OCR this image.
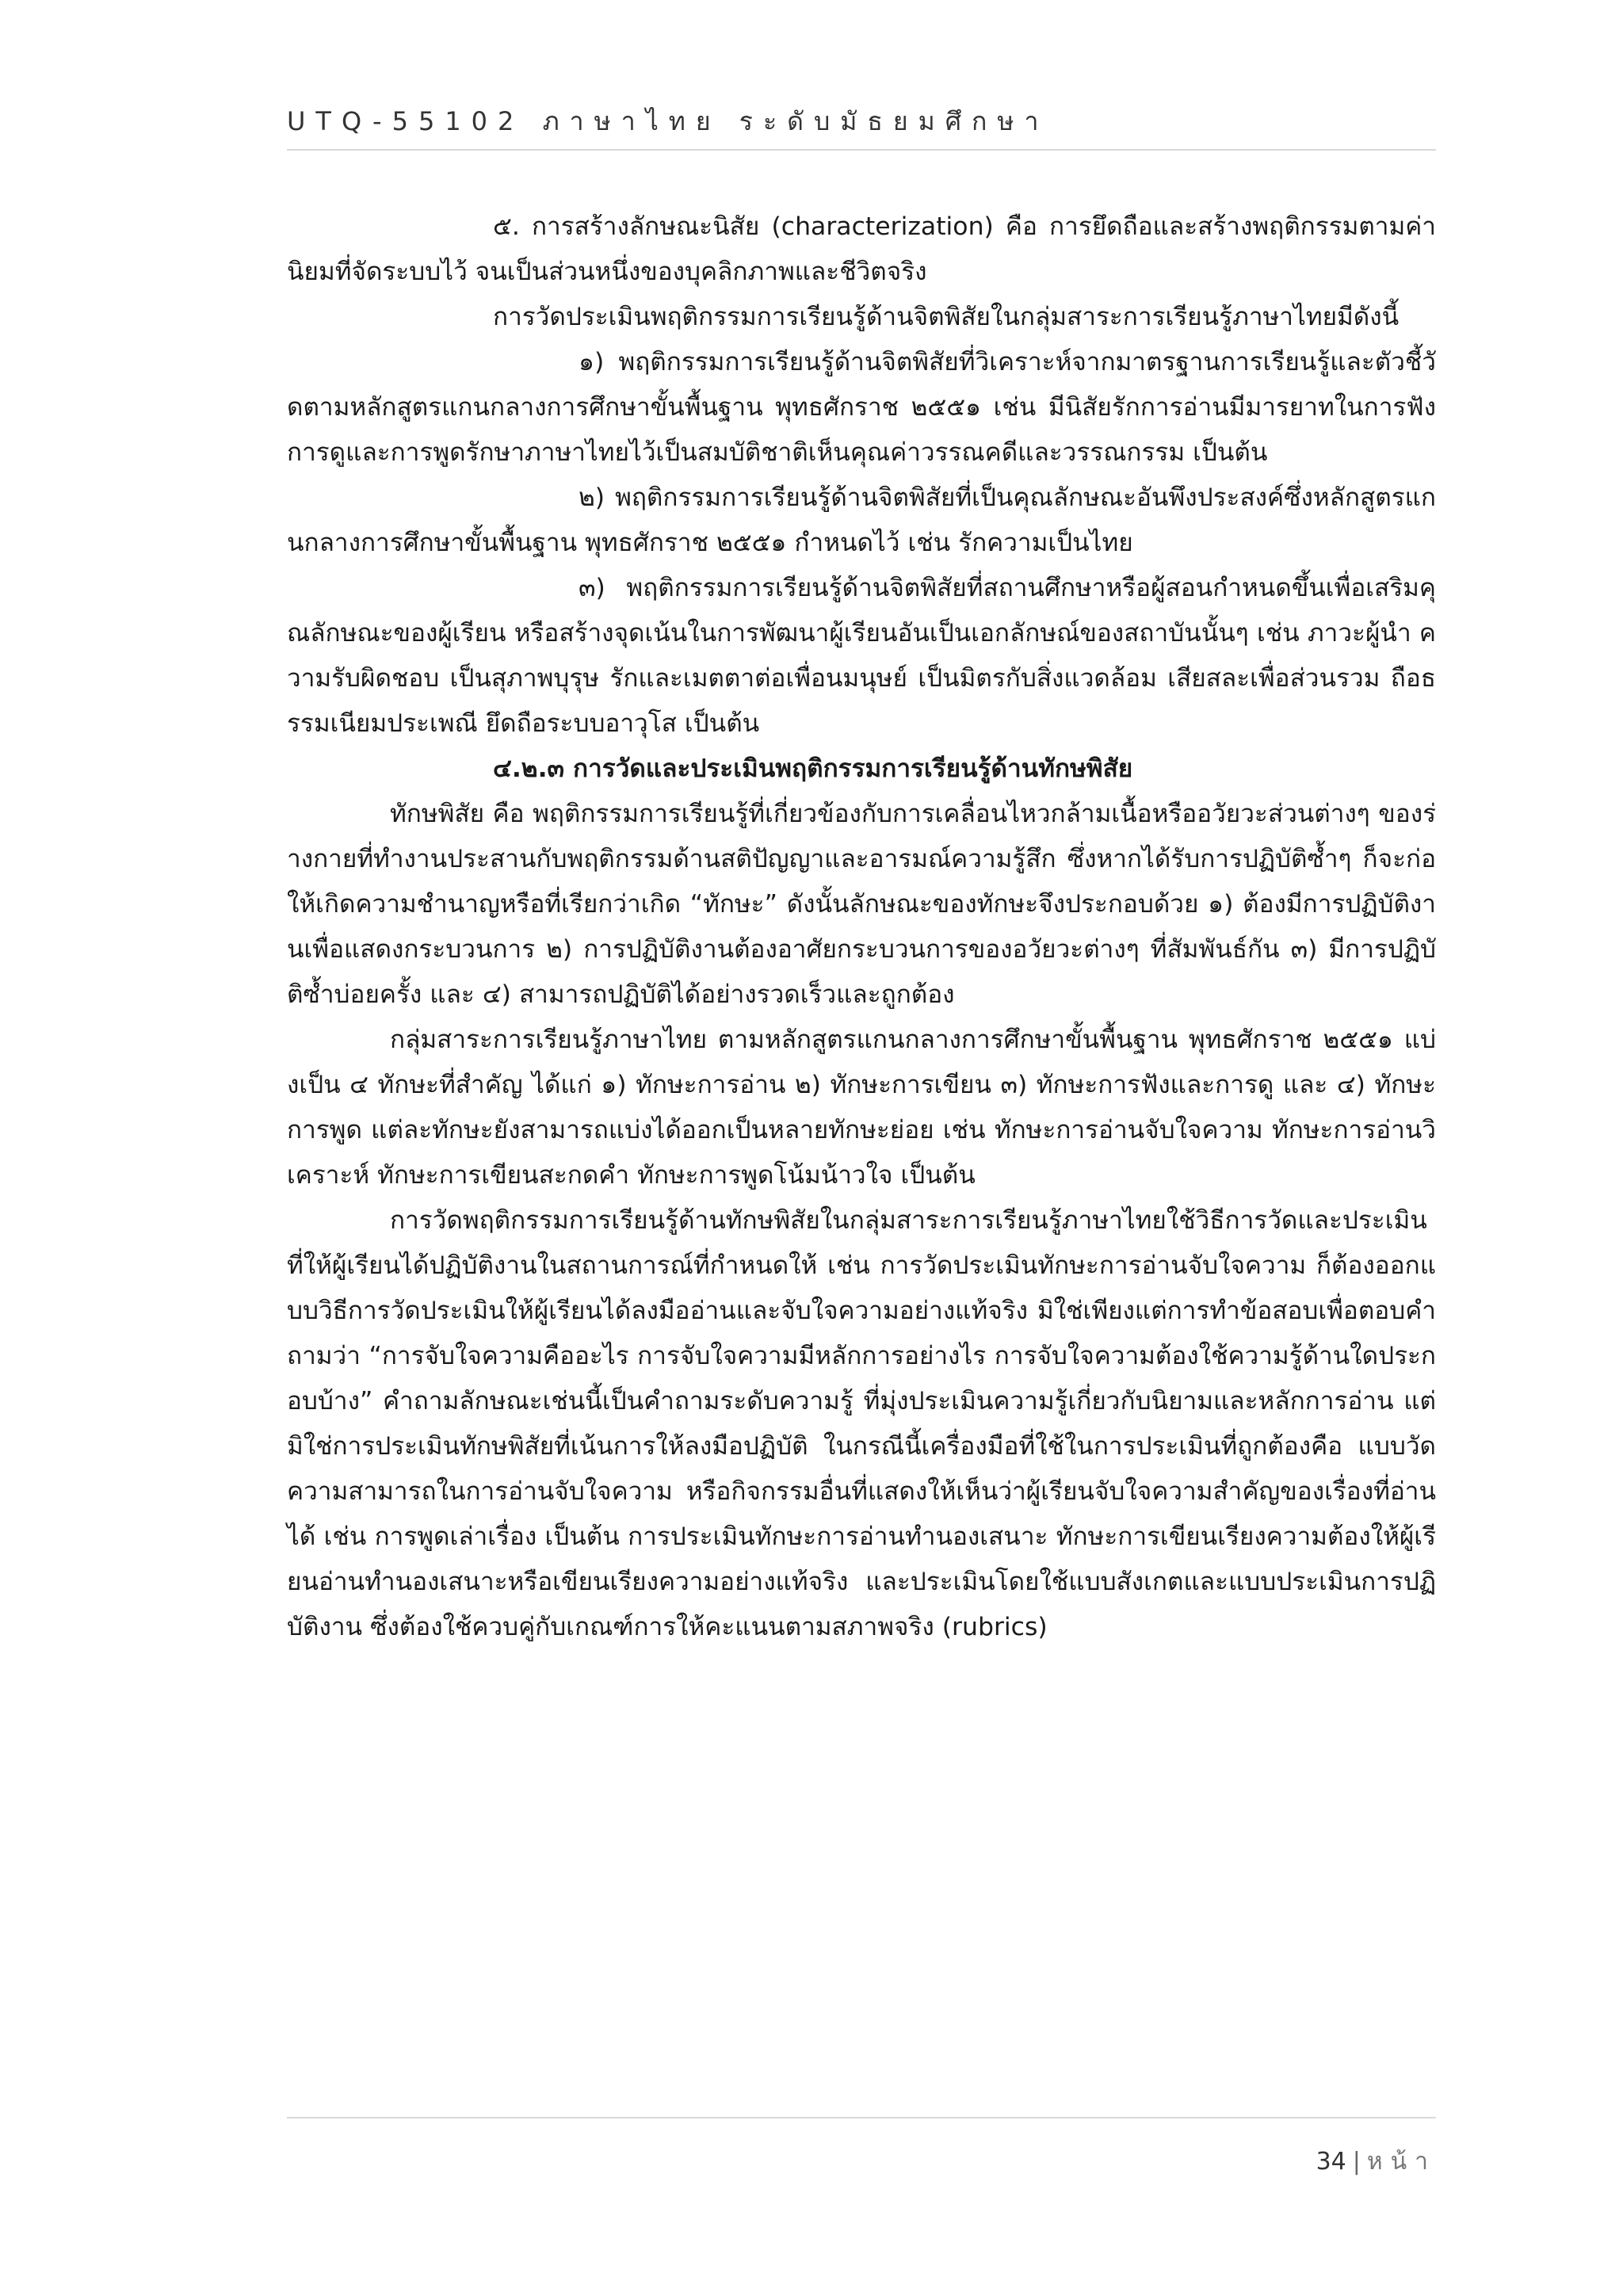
UTQ-55102 ภาษาไทย ระดับมัธยมศึกษา

๕. การสร้างลักษณะนิสัย (characterization) คือ การยึดถือและสร้างพฤติกรรมตามค่านิยมที่จัดระบบไว้ จนเป็นส่วนหนึ่งของบุคลิกภาพและชีวิตจริง

การวัดประเมินพฤติกรรมการเรียนรู้ด้านจิตพิสัยในกลุ่มสาระการเรียนรู้ภาษาไทยมีดังนี้

๑) พฤติกรรมการเรียนรู้ด้านจิตพิสัยที่วิเคราะห์จากมาตรฐานการเรียนรู้และตัวชี้วัดตามหลักสูตรแกนกลางการศึกษาขั้นพื้นฐาน พุทธศักราช ๒๕๕๑ เช่น มีนิสัยรักการอ่านมีมารยาทในการฟัง การดูและการพูดรักษาภาษาไทยไว้เป็นสมบัติชาติเห็นคุณค่าวรรณคดีและวรรณกรรม เป็นต้น

๒) พฤติกรรมการเรียนรู้ด้านจิตพิสัยที่เป็นคุณลักษณะอันพึงประสงค์ซึ่งหลักสูตรแกนกลางการศึกษาขั้นพื้นฐาน พุทธศักราช ๒๕๕๑ กำหนดไว้ เช่น รักความเป็นไทย

๓) พฤติกรรมการเรียนรู้ด้านจิตพิสัยที่สถานศึกษาหรือผู้สอนกำหนดขึ้นเพื่อเสริมคุณลักษณะของผู้เรียน หรือสร้างจุดเน้นในการพัฒนาผู้เรียนอันเป็นเอกลักษณ์ของสถาบันนั้นๆ เช่น ภาวะผู้นำ ความรับผิดชอบ เป็นสุภาพบุรุษ รักและเมตตาต่อเพื่อนมนุษย์ เป็นมิตรกับสิ่งแวดล้อม เสียสละเพื่อส่วนรวม ถือธรรมเนียมประเพณี ยึดถือระบบอาวุโส เป็นต้น

๔.๒.๓ การวัดและประเมินพฤติกรรมการเรียนรู้ด้านทักษพิสัย

ทักษพิสัย คือ พฤติกรรมการเรียนรู้ที่เกี่ยวข้องกับการเคลื่อนไหวกล้ามเนื้อหรืออวัยวะส่วนต่างๆ ของร่างกายที่ทำงานประสานกับพฤติกรรมด้านสติปัญญาและอารมณ์ความรู้สึก ซึ่งหากได้รับการปฏิบัติซ้ำๆ ก็จะก่อให้เกิดความชำนาญหรือที่เรียกว่าเกิด “ทักษะ” ดังนั้นลักษณะของทักษะจึงประกอบด้วย ๑) ต้องมีการปฏิบัติงานเพื่อแสดงกระบวนการ ๒) การปฏิบัติงานต้องอาศัยกระบวนการของอวัยวะต่างๆ ที่สัมพันธ์กัน ๓) มีการปฏิบัติซ้ำบ่อยครั้ง และ ๔) สามารถปฏิบัติได้อย่างรวดเร็วและถูกต้อง

กลุ่มสาระการเรียนรู้ภาษาไทย ตามหลักสูตรแกนกลางการศึกษาขั้นพื้นฐาน พุทธศักราช ๒๕๕๑ แบ่งเป็น ๔ ทักษะที่สำคัญ ได้แก่ ๑) ทักษะการอ่าน ๒) ทักษะการเขียน ๓) ทักษะการฟังและการดู และ ๔) ทักษะการพูด แต่ละทักษะยังสามารถแบ่งได้ออกเป็นหลายทักษะย่อย เช่น ทักษะการอ่านจับใจความ ทักษะการอ่านวิเคราะห์ ทักษะการเขียนสะกดคำ ทักษะการพูดโน้มน้าวใจ เป็นต้น

การวัดพฤติกรรมการเรียนรู้ด้านทักษพิสัยในกลุ่มสาระการเรียนรู้ภาษาไทยใช้วิธีการวัดและประเมินที่ให้ผู้เรียนได้ปฏิบัติงานในสถานการณ์ที่กำหนดให้ เช่น การวัดประเมินทักษะการอ่านจับใจความ ก็ต้องออกแบบวิธีการวัดประเมินให้ผู้เรียนได้ลงมืออ่านและจับใจความอย่างแท้จริง มิใช่เพียงแต่การทำข้อสอบเพื่อตอบคำถามว่า “การจับใจความคืออะไร การจับใจความมีหลักการอย่างไร การจับใจความต้องใช้ความรู้ด้านใดประกอบบ้าง” คำถามลักษณะเช่นนี้เป็นคำถามระดับความรู้ ที่มุ่งประเมินความรู้เกี่ยวกับนิยามและหลักการอ่าน แต่มิใช่การประเมินทักษพิสัยที่เน้นการให้ลงมือปฏิบัติ ในกรณีนี้เครื่องมือที่ใช้ในการประเมินที่ถูกต้องคือ แบบวัดความสามารถในการอ่านจับใจความ หรือกิจกรรมอื่นที่แสดงให้เห็นว่าผู้เรียนจับใจความสำคัญของเรื่องที่อ่านได้ เช่น การพูดเล่าเรื่อง เป็นต้น การประเมินทักษะการอ่านทำนองเสนาะ ทักษะการเขียนเรียงความต้องให้ผู้เรียนอ่านทำนองเสนาะหรือเขียนเรียงความอย่างแท้จริง และประเมินโดยใช้แบบสังเกตและแบบประเมินการปฏิบัติงาน ซึ่งต้องใช้ควบคู่กับเกณฑ์การให้คะแนนตามสภาพจริง (rubrics)

34 | หน้า
